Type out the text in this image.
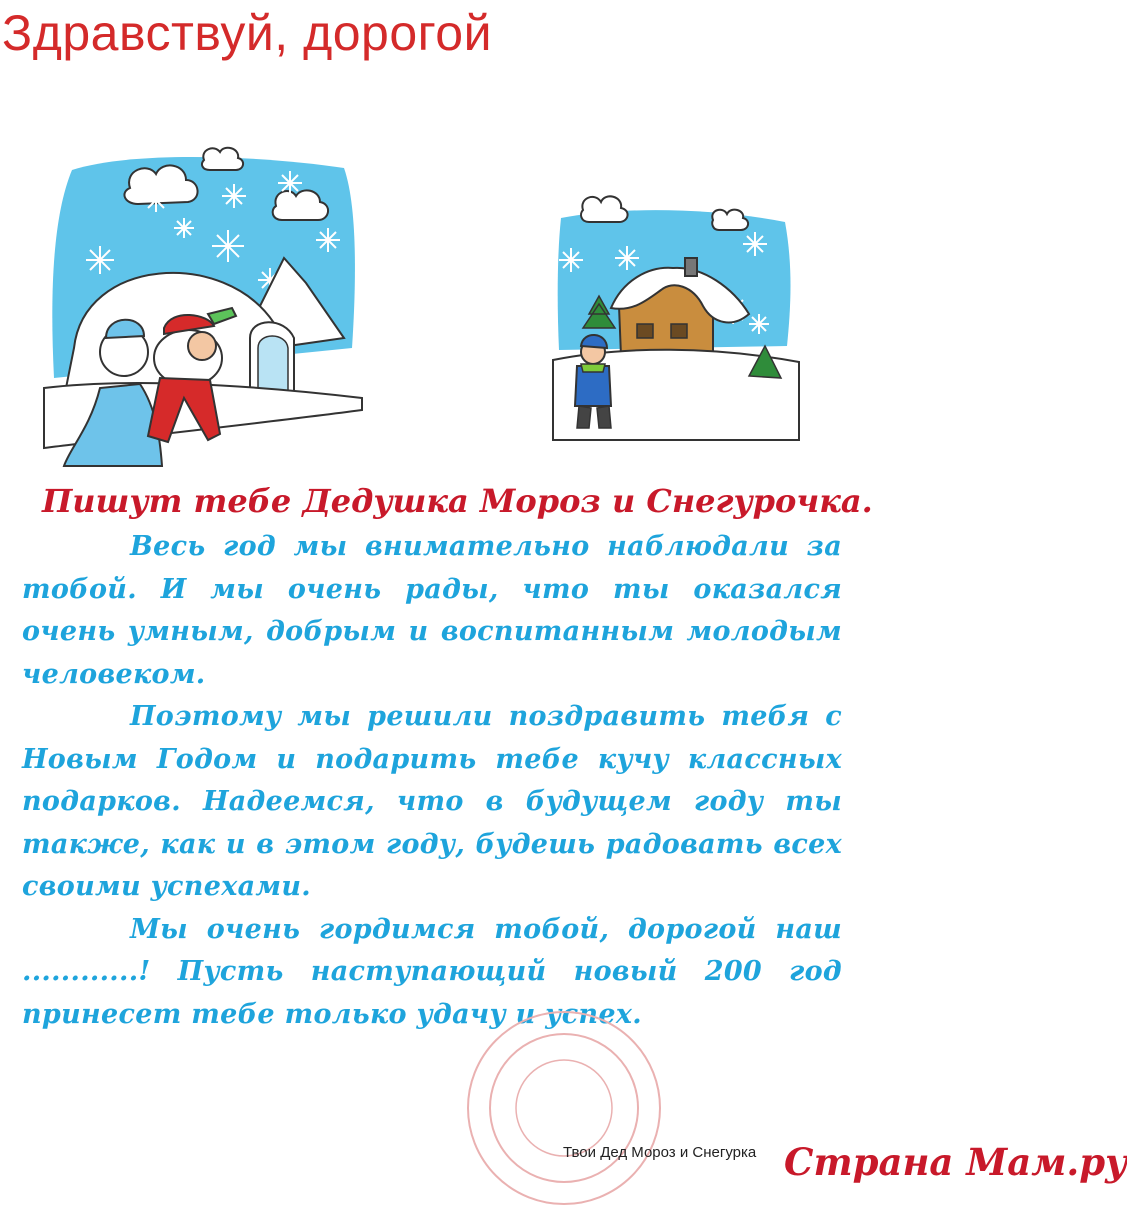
Здравствуй, дорогой
Пишут тебе Дедушка Мороз и Снегурочка.

Весь год мы внимательно наблюдали за тобой. И мы очень рады, что ты оказался очень умным, добрым и воспитанным молодым человеком.

Поэтому мы решили поздравить тебя с Новым Годом и подарить тебе кучу классных подарков. Надеемся, что в будущем году ты также, как и в этом году, будешь радовать всех своими успехами.

Мы очень гордимся тобой, дорогой наш ............! Пусть наступающий новый 200 год принесет тебе только удачу и успех.

Твои Дед Мороз и Снегурка Страна Мам.ру
